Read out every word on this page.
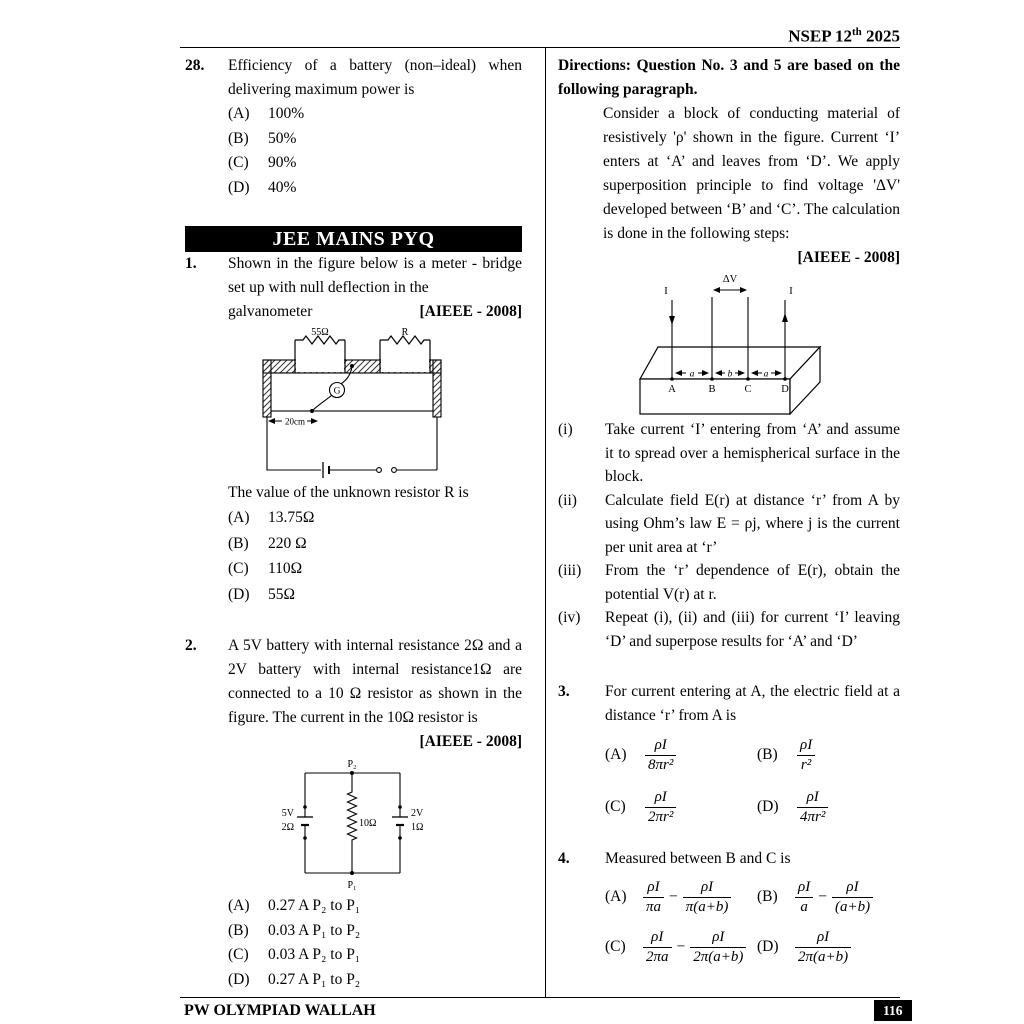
NSEP 12th 2025
28.	Efficiency of a battery (non–ideal) when delivering maximum power is
(A)	100%
(B)	50%
(C)	90%
(D)	40%
JEE MAINS PYQ
1.	Shown in the figure below is a meter - bridge set up with null deflection in the
galvanometer	[AIEEE - 2008]
55Ω	R
G
20cm
The value of the unknown resistor R is
(A)	13.75Ω
(B)	220 Ω
(C)	110Ω
(D)	55Ω
2.	A 5V battery with internal resistance 2Ω and a 2V battery with internal resistance1Ω are connected to a 10 Ω resistor as shown in the figure. The current in the 10Ω resistor is
[AIEEE - 2008]
P₂
P₁
5V
2Ω	10Ω
2V
1Ω
(A)	0.27 A P₂ to P₁
(B)	0.03 A P₁ to P₂
(C)	0.03 A P₂ to P₁
(D)	0.27 A P₁ to P₂
Directions: Question No. 3 and 5 are based on the following paragraph.
Consider a block of conducting material of resistively 'ρ' shown in the figure. Current ‘I’ enters at ‘A’ and leaves from ‘D’. We apply superposition principle to find voltage 'ΔV' developed between ‘B’ and ‘C’. The calculation is done in the following steps:
[AIEEE - 2008]
ΔV
I	I
a	b	a
A	B	C	D
(i)	Take current ‘I’ entering from ‘A’ and assume it to spread over a hemispherical surface in the block.
(ii)	Calculate field E(r) at distance ‘r’ from A by using Ohm’s law E = ρj, where j is the current per unit area at ‘r’
(iii)	From the ‘r’ dependence of E(r), obtain the potential V(r) at r.
(iv)	Repeat (i), (ii) and (iii) for current ‘I’ leaving ‘D’ and superpose results for ‘A’ and ‘D’
3.	For current entering at A, the electric field at a distance ‘r’ from A is
(A)	$\frac{\rho I}{\text{8πr²}}$	(B)	$\frac{\rho I}{\text{r²}}$
(C)	$\frac{\rho I}{\text{2πr²}}$	(D)	$\frac{\rho I}{\text{4πr²}}$
4.	Measured between B and C is
(A)	$\frac{\rho I}{\pi a} - \frac{\rho I}{\pi(a+b)} (B)$	$\frac{\rho I}{a} - \frac{\rho I}{(a+b)}$
(C)	$\frac{\rho I}{2\pi a} - \frac{\rho I}{2\pi(a+b)} (D)$	$\frac{\rho I}{2\pi(a+b)}$
PW OLYMPIAD WALLAH	116
